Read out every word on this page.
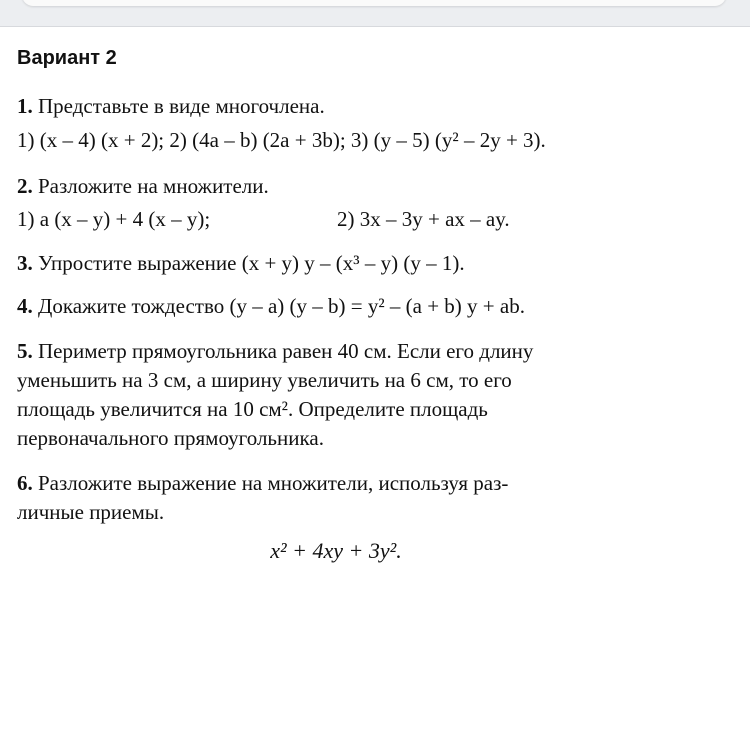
Вариант 2
1. Представьте в виде многочлена.
1) (x – 4) (x + 2); 2) (4a – b) (2a + 3b); 3) (y – 5) (y² – 2y + 3).
2. Разложите на множители.
1) a (x – y) + 4 (x – y);	2) 3x – 3y + ax – ay.
3. Упростите выражение (x + y) y – (x³ – y) (y – 1).
4. Докажите тождество (y – a) (y – b) = y² – (a + b) y + ab.
5. Периметр прямоугольника равен 40 см. Если его длину
уменьшить на 3 см, а ширину увеличить на 6 см, то его
площадь увеличится на 10 см². Определите площадь
первоначального прямоугольника.
6. Разложите выражение на множители, используя раз-
личные приемы.
x² + 4xy + 3y².
